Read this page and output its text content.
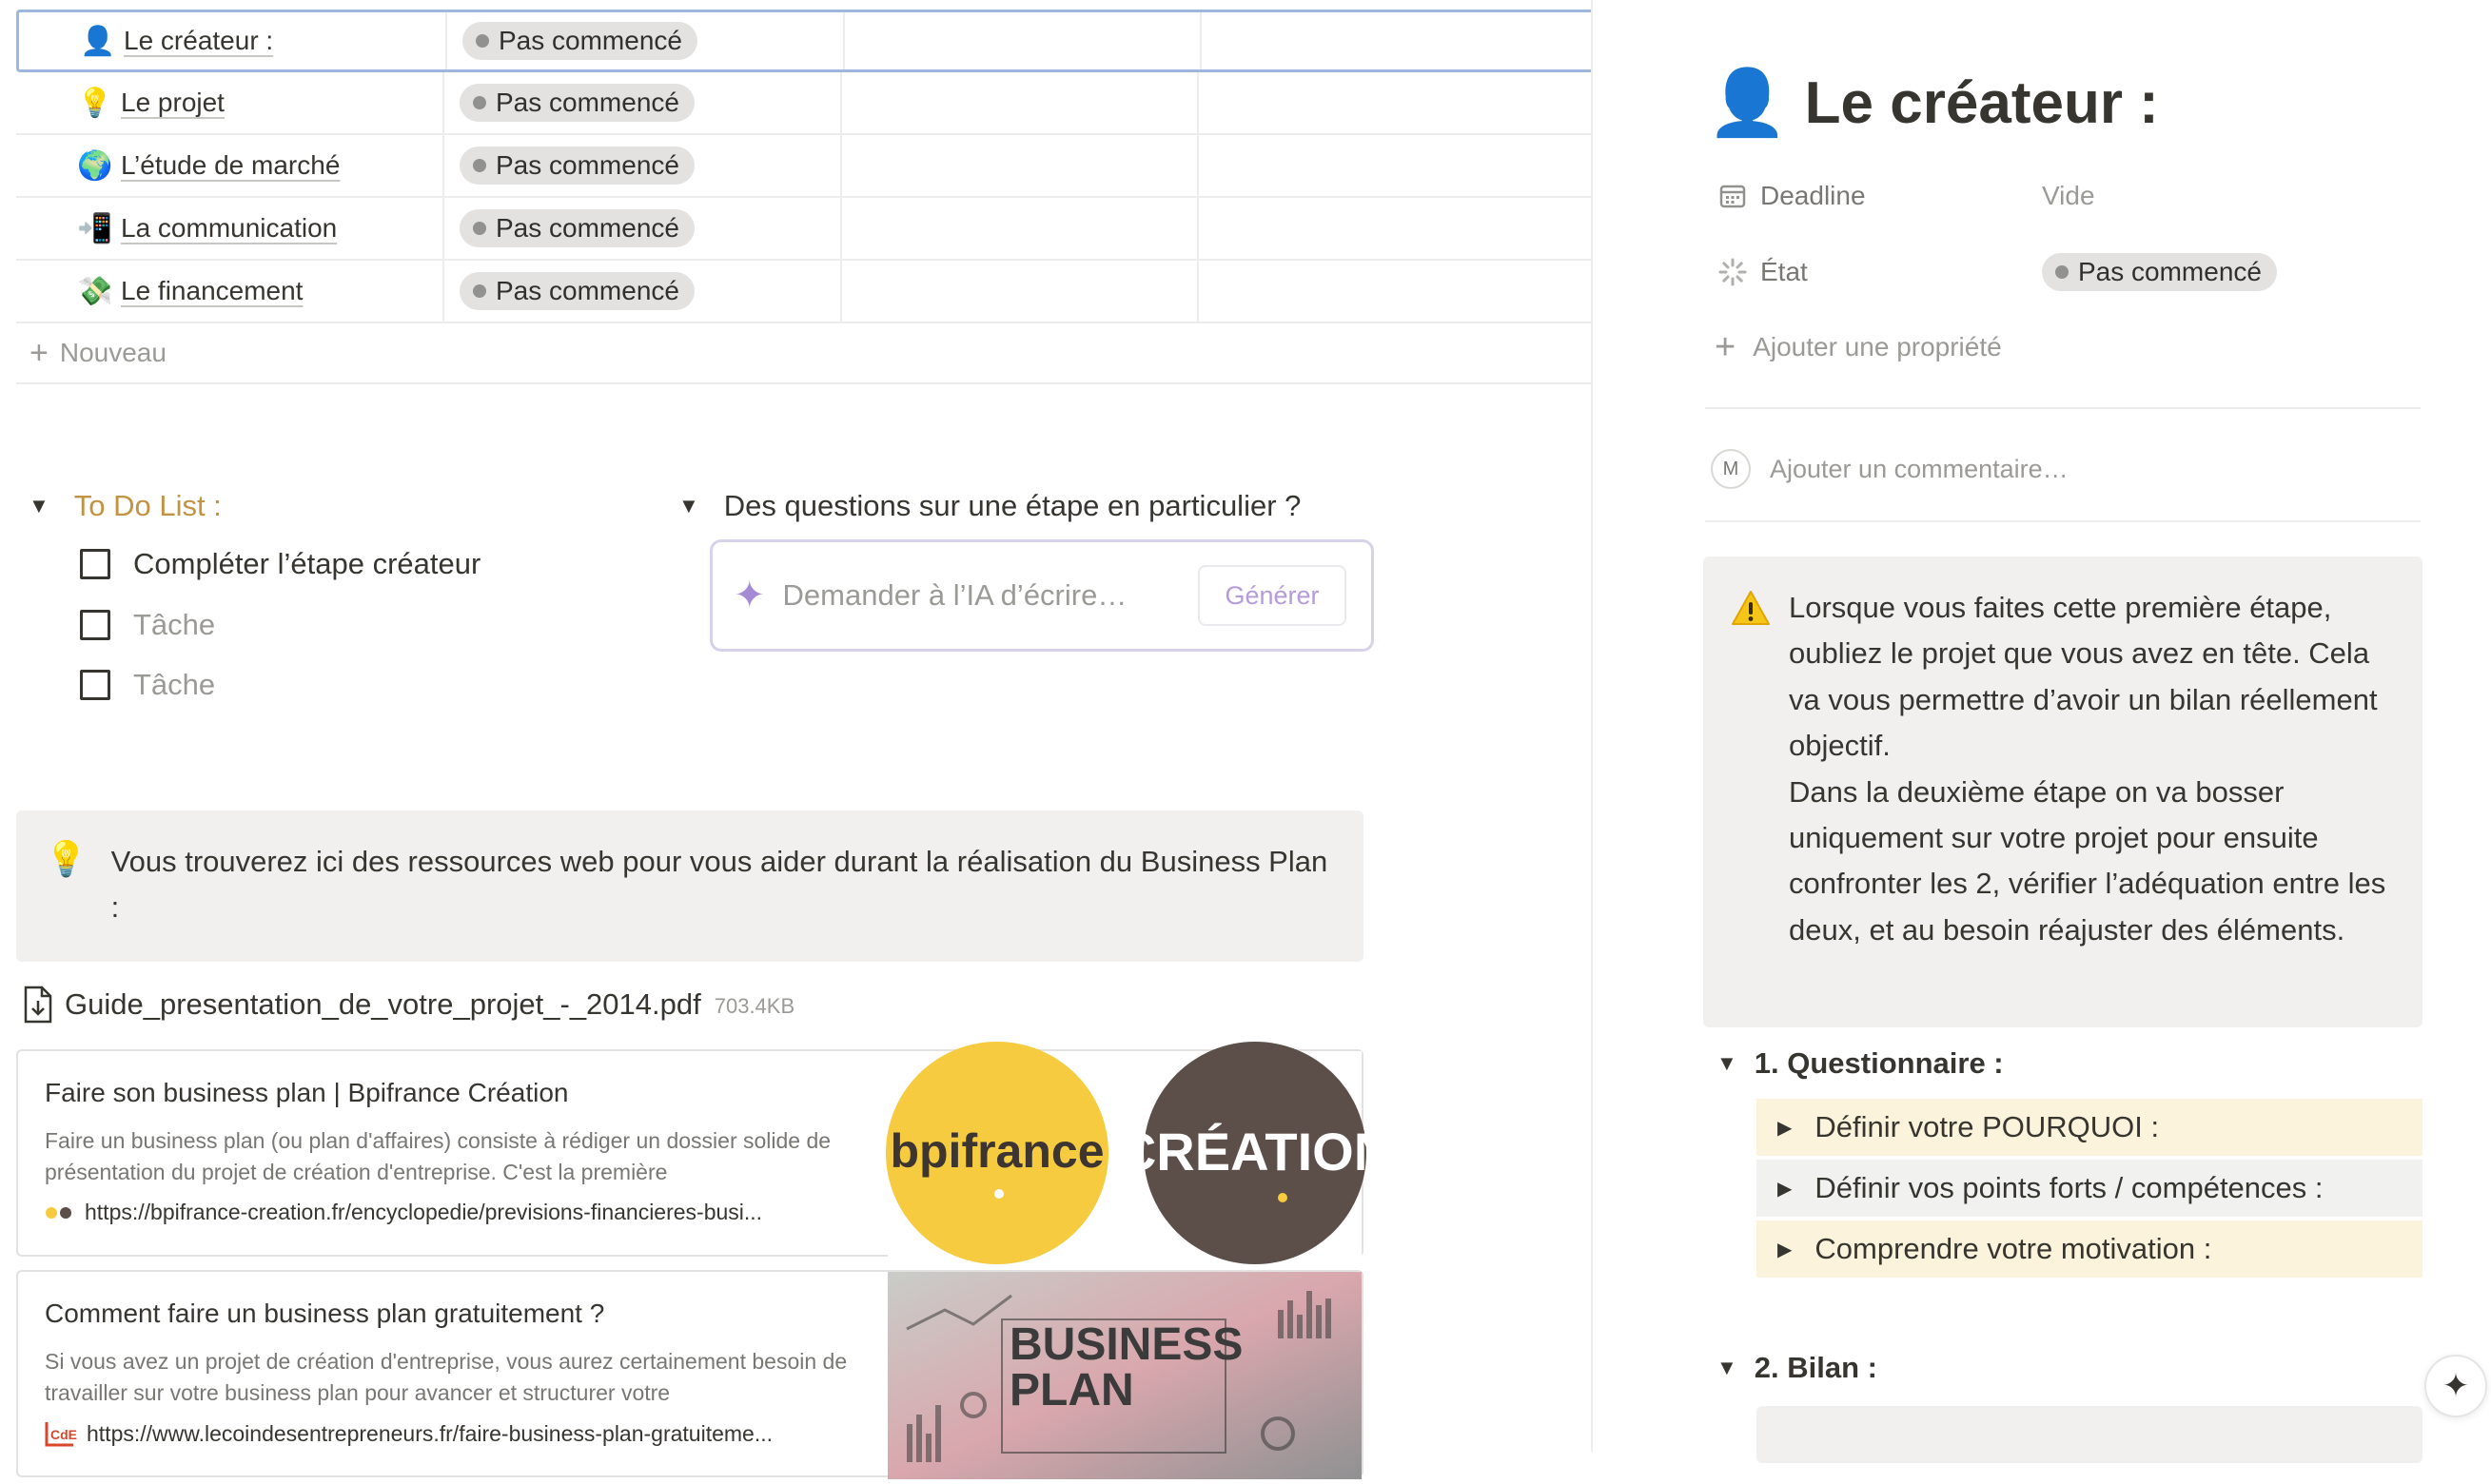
👤 Le créateur :	Pas commencé
💡 Le projet	Pas commencé
🌍 L’étude de marché	Pas commencé
📲 La communication	Pas commencé
💸 Le financement	Pas commencé
+ Nouveau
▼ To Do List :
Compléter l’étape créateur
Tâche
Tâche
▼ Des questions sur une étape en particulier ?
✦ Demander à l’IA d’écrire…	Générer
💡 Vous trouverez ici des ressources web pour vous aider durant la réalisation du Business Plan :
Guide_presentation_de_votre_projet_-_2014.pdf 703.4KB
Faire son business plan | Bpifrance Création
Faire un business plan (ou plan d'affaires) consiste à rédiger un dossier solide de présentation du projet de création d'entreprise. C'est la première
https://bpifrance-creation.fr/encyclopedie/previsions-financieres-busi...
bpifrance CRÉATION
Comment faire un business plan gratuitement ?
Si vous avez un projet de création d'entreprise, vous aurez certainement besoin de travailler sur votre business plan pour avancer et structurer votre
CdE https://www.lecoindesentrepreneurs.fr/faire-business-plan-gratuiteme...
BUSINESS
PLAN
👤 Le créateur :
Deadline	Vide
État	Pas commencé
+ Ajouter une propriété
M	Ajouter un commentaire…
Lorsque vous faites cette première étape, oubliez le projet que vous avez en tête. Cela va vous permettre d’avoir un bilan réellement objectif.
Dans la deuxième étape on va bosser uniquement sur votre projet pour ensuite confronter les 2, vérifier l’adéquation entre les deux, et au besoin réajuster des éléments.
▼ 1. Questionnaire :
▶ Définir votre POURQUOI :
▶ Définir vos points forts / compétences :
▶ Comprendre votre motivation :
▼ 2. Bilan :
✦
